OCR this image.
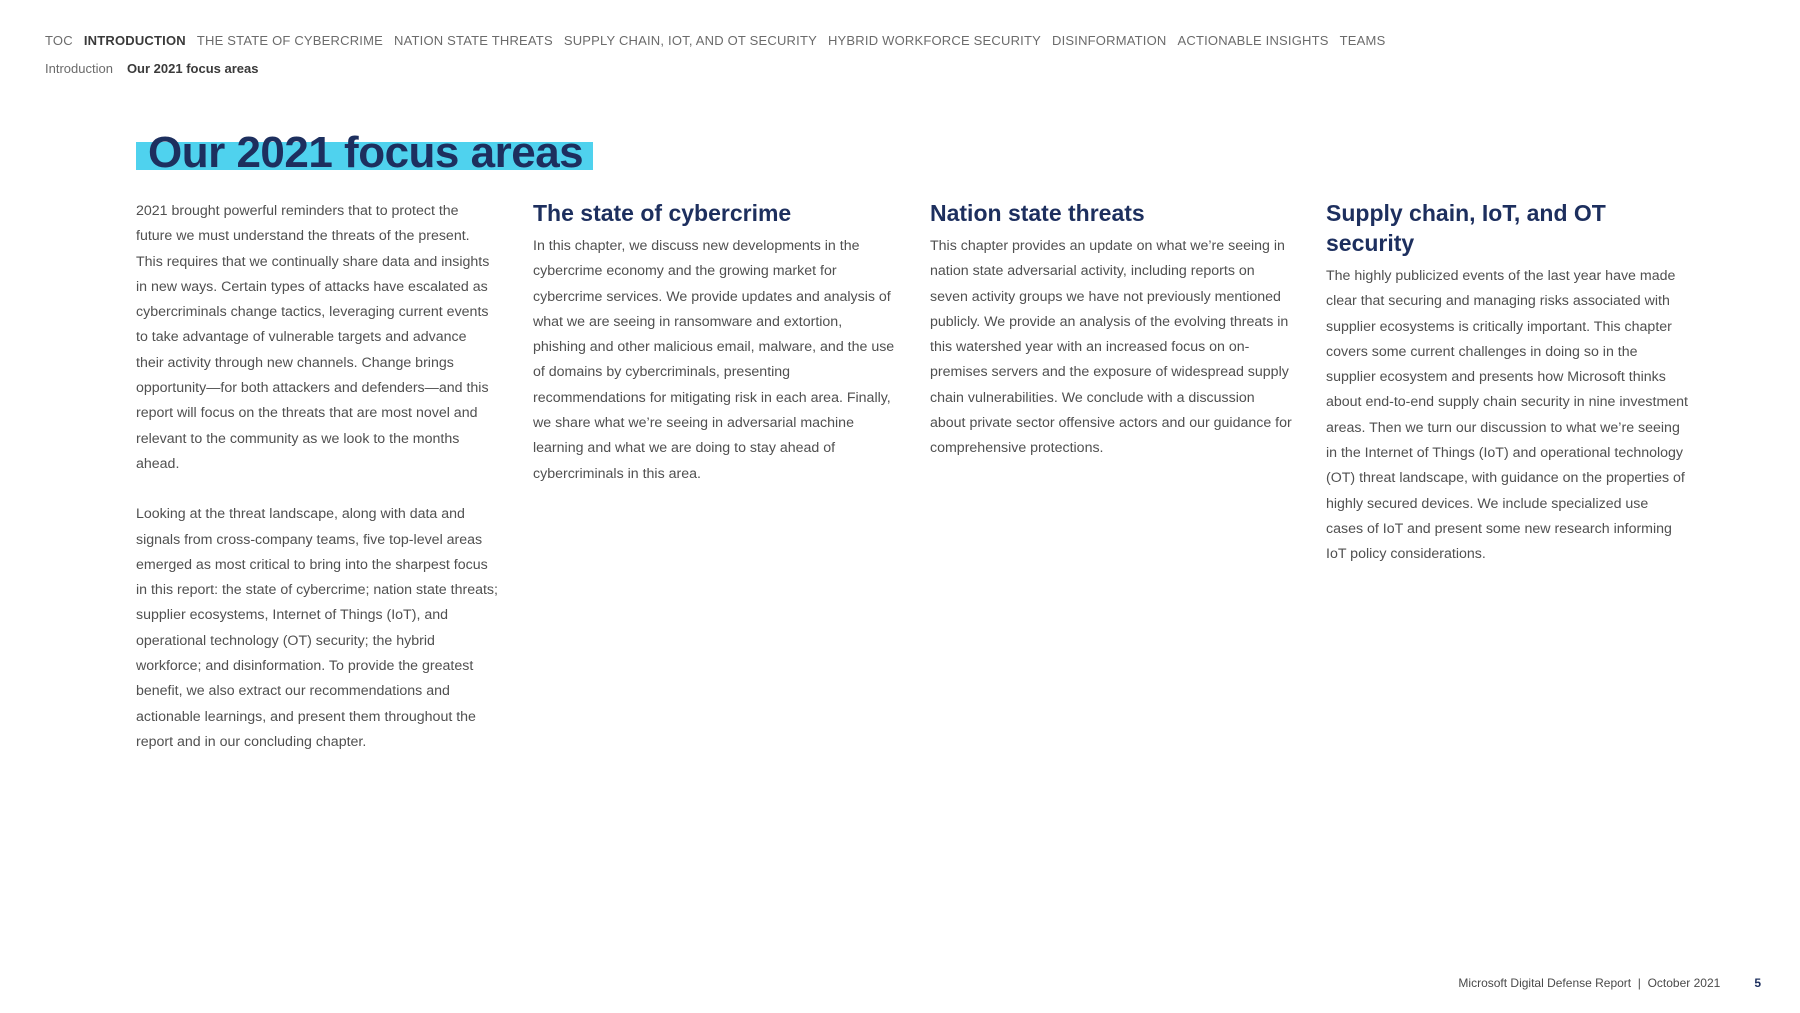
TOC INTRODUCTION THE STATE OF CYBERCRIME NATION STATE THREATS SUPPLY CHAIN, IOT, AND OT SECURITY HYBRID WORKFORCE SECURITY DISINFORMATION ACTIONABLE INSIGHTS TEAMS
Introduction Our 2021 focus areas
Our 2021 focus areas

2021 brought powerful reminders that to protect the future we must understand the threats of the present. This requires that we continually share data and insights in new ways. Certain types of attacks have escalated as cybercriminals change tactics, leveraging current events to take advantage of vulnerable targets and advance their activity through new channels. Change brings opportunity—for both attackers and defenders—and this report will focus on the threats that are most novel and relevant to the community as we look to the months ahead.

Looking at the threat landscape, along with data and signals from cross-company teams, five top-level areas emerged as most critical to bring into the sharpest focus in this report: the state of cybercrime; nation state threats; supplier ecosystems, Internet of Things (IoT), and operational technology (OT) security; the hybrid workforce; and disinformation. To provide the greatest benefit, we also extract our recommendations and actionable learnings, and present them throughout the report and in our concluding chapter.

The state of cybercrime

In this chapter, we discuss new developments in the cybercrime economy and the growing market for cybercrime services. We provide updates and analysis of what we are seeing in ransomware and extortion, phishing and other malicious email, malware, and the use of domains by cybercriminals, presenting recommendations for mitigating risk in each area. Finally, we share what we’re seeing in adversarial machine learning and what we are doing to stay ahead of cybercriminals in this area.

Nation state threats

This chapter provides an update on what we’re seeing in nation state adversarial activity, including reports on seven activity groups we have not previously mentioned publicly. We provide an analysis of the evolving threats in this watershed year with an increased focus on on-premises servers and the exposure of widespread supply chain vulnerabilities. We conclude with a discussion about private sector offensive actors and our guidance for comprehensive protections.

Supply chain, IoT, and OT security

The highly publicized events of the last year have made clear that securing and managing risks associated with supplier ecosystems is critically important. This chapter covers some current challenges in doing so in the supplier ecosystem and presents how Microsoft thinks about end-to-end supply chain security in nine investment areas. Then we turn our discussion to what we’re seeing in the Internet of Things (IoT) and operational technology (OT) threat landscape, with guidance on the properties of highly secured devices. We include specialized use cases of IoT and present some new research informing IoT policy considerations.

Microsoft Digital Defense Report  |  October 2021	5
